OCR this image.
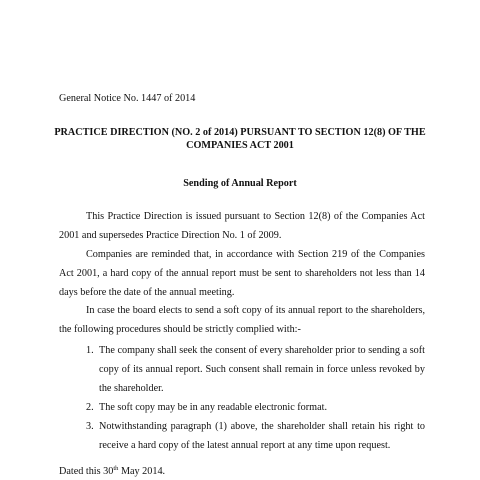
General Notice No. 1447 of 2014
PRACTICE DIRECTION (NO. 2 of 2014) PURSUANT TO SECTION 12(8) OF THE
COMPANIES ACT 2001
Sending of Annual Report

This Practice Direction is issued pursuant to Section 12(8) of the Companies Act 2001 and supersedes Practice Direction No. 1 of 2009.

Companies are reminded that, in accordance with Section 219 of the Companies Act 2001, a hard copy of the annual report must be sent to shareholders not less than 14 days before the date of the annual meeting.

In case the board elects to send a soft copy of its annual report to the shareholders, the following procedures should be strictly complied with:-

1. The company shall seek the consent of every shareholder prior to sending a soft copy of its annual report. Such consent shall remain in force unless revoked by the shareholder.
2. The soft copy may be in any readable electronic format.
3. Notwithstanding paragraph (1) above, the shareholder shall retain his right to receive a hard copy of the latest annual report at any time upon request.
Dated this 30th May 2014.
